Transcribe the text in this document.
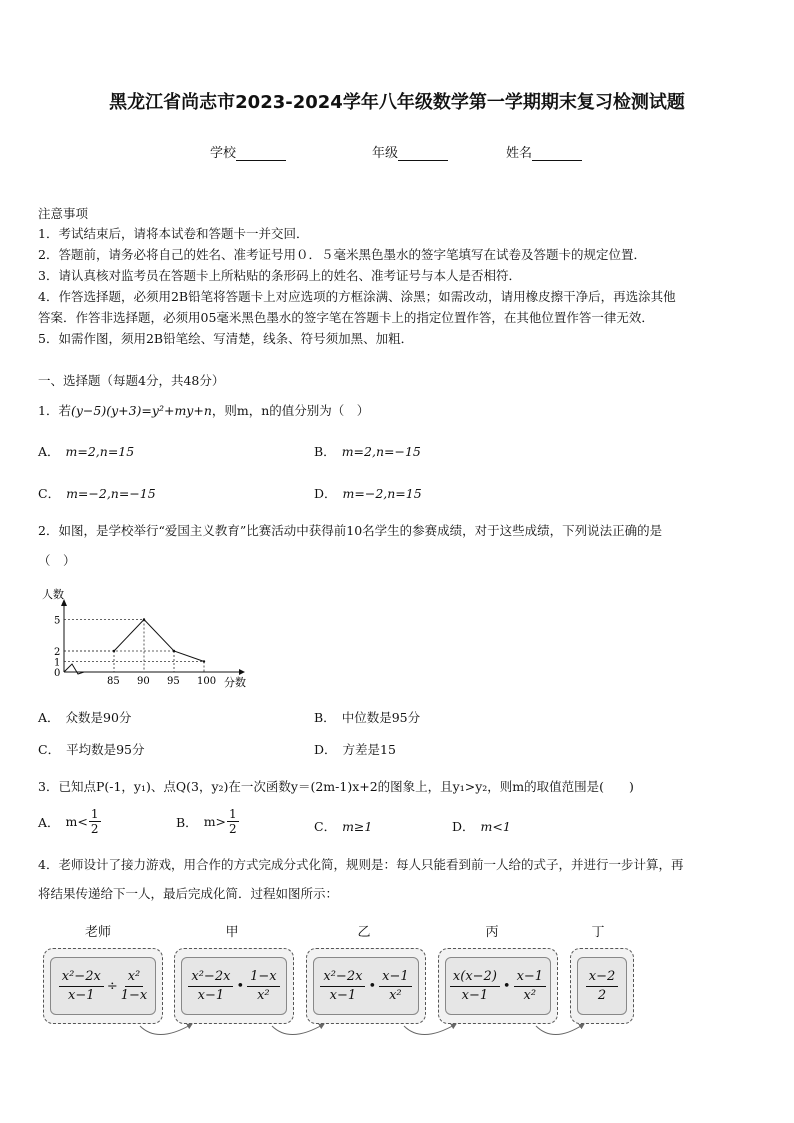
黑龙江省尚志市2023-2024学年八年级数学第一学期期末复习检测试题
学校	年级	姓名
注意事项
1．考试结束后，请将本试卷和答题卡一并交回．
2．答题前，请务必将自己的姓名、准考证号用０．５毫米黑色墨水的签字笔填写在试卷及答题卡的规定位置．
3．请认真核对监考员在答题卡上所粘贴的条形码上的姓名、准考证号与本人是否相符．
4．作答选择题，必须用2B铅笔将答题卡上对应选项的方框涂满、涂黑；如需改动，请用橡皮擦干净后，再选涂其他
答案．作答非选择题，必须用05毫米黑色墨水的签字笔在答题卡上的指定位置作答，在其他位置作答一律无效．
5．如需作图，须用2B铅笔绘、写清楚，线条、符号须加黑、加粗．
一、选择题（每题4分，共48分）
1．若(y−5)(y+3)=y²+my+n，则m，n的值分别为（　）
A． m=2,n=15	B． m=2,n=−15
C． m=−2,n=−15	D． m=−2,n=15
2．如图，是学校举行“爱国主义教育”比赛活动中获得前10名学生的参赛成绩，对于这些成绩，下列说法正确的是
（　）
人数
分数
0
1
2
5
85 90 95 100
A． 众数是90分	B． 中位数是95分
C． 平均数是95分	D． 方差是15
3．已知点P(-1，y₁)、点Q(3，y₂)在一次函数y＝(2m-1)x+2的图象上，且y₁>y₂，则m的取值范围是(　　)
A． $m< \frac{1}{2}$	B． $m> \frac{1}{2}$	C． m≥1	D． m<1
4．老师设计了接力游戏，用合作的方式完成分式化简，规则是：每人只能看到前一人给的式子，并进行一步计算，再
将结果传递给下一人，最后完成化简．过程如图所示：
老师	甲	乙	丙	丁
$\frac{\text{x²−2x}}{x-1} \div \frac{\text{x²}}{1-x}$	x²−2x
x−1
•
1−x
x²
x²−2x
x−1
•
x−1
x²
x(x−2)
x−1
•
x−1
x²
x−2
2
